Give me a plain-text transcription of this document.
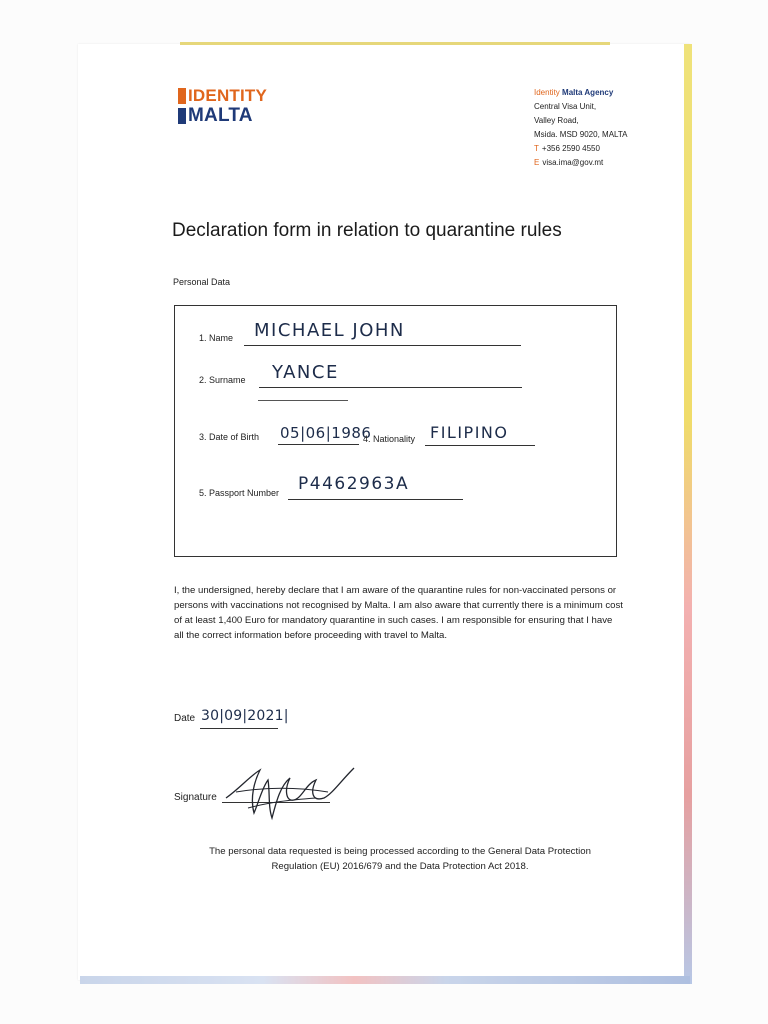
IDENTITY
MALTA
Identity Malta Agency
Central Visa Unit,
Valley Road,
Msida. MSD 9020, MALTA
T +356 2590 4550
E visa.ima@gov.mt
Declaration form in relation to quarantine rules
Personal Data
1. Name MICHAEL JOHN
2. Surname YANCE
3. Date of Birth 05|06|1986
4. Nationality FILIPINO
5. Passport Number P4462963A
I, the undersigned, hereby declare that I am aware of the quarantine rules for non-vaccinated persons or persons with vaccinations not recognised by Malta. I am also aware that currently there is a minimum cost of at least 1,400 Euro for mandatory quarantine in such cases. I am responsible for ensuring that I have all the correct information before proceeding with travel to Malta.
Date 30|09|2021|
Signature
The personal data requested is being processed according to the General Data Protection Regulation (EU) 2016/679 and the Data Protection Act 2018.
